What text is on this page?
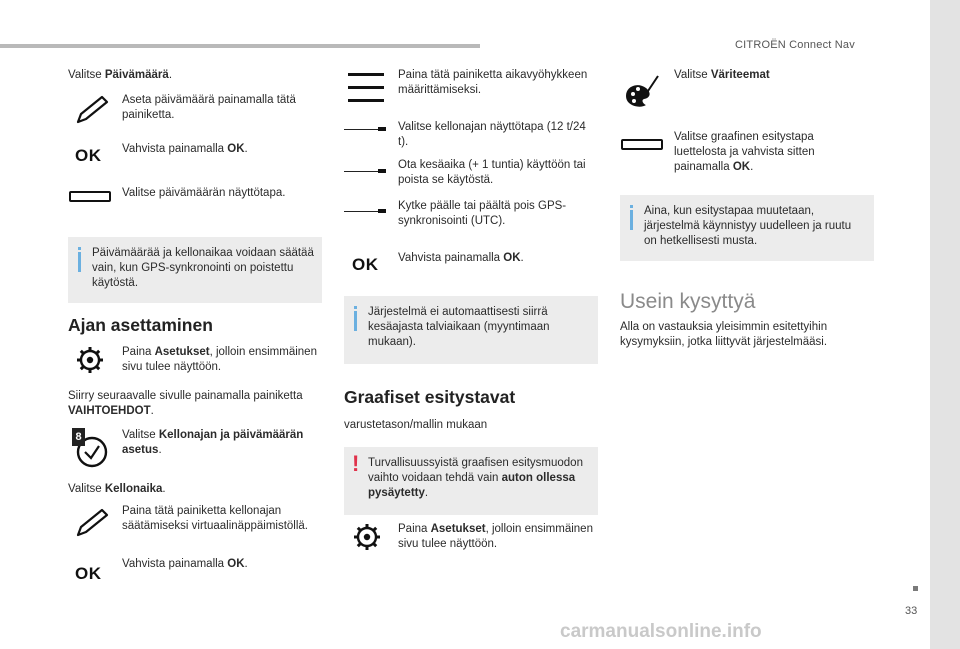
CITROËN Connect Nav
33
carmanualsonline.info
Valitse Päivämäärä.
Aseta päivämäärä painamalla tätä painiketta.
OK Vahvista painamalla OK.
Valitse päivämäärän näyttötapa.
Päivämäärää ja kellonaikaa voidaan säätää vain, kun GPS-synkronointi on poistettu käytöstä.
Ajan asettaminen
Paina Asetukset, jolloin ensimmäinen sivu tulee näyttöön.
Siirry seuraavalle sivulle painamalla painiketta VAIHTOEHDOT.
8	Valitse Kellonajan ja päivämäärän asetus.
Valitse Kellonaika.
Paina tätä painiketta kellonajan säätämiseksi virtuaalinäppäimistöllä.
OK Vahvista painamalla OK.
Paina tätä painiketta aikavyöhykkeen määrittämiseksi.
Valitse kellonajan näyttötapa (12 t/24 t).
Ota kesäaika (+ 1 tuntia) käyttöön tai poista se käytöstä.
Kytke päälle tai päältä pois GPS-synkronisointi (UTC).
OK Vahvista painamalla OK.
Järjestelmä ei automaattisesti siirrä kesäajasta talviaikaan (myyntimaan mukaan).
Graafiset esitystavat
varustetason/mallin mukaan
! Turvallisuussyistä graafisen esitysmuodon vaihto voidaan tehdä vain auton ollessa pysäytetty.
Paina Asetukset, jolloin ensimmäinen sivu tulee näyttöön.
Valitse Väriteemat
Valitse graafinen esitystapa luettelosta ja vahvista sitten painamalla OK.
Aina, kun esitystapaa muutetaan, järjestelmä käynnistyy uudelleen ja ruutu on hetkellisesti musta.
Usein kysyttyä
Alla on vastauksia yleisimmin esitettyihin kysymyksiin, jotka liittyvät järjestelmääsi.
